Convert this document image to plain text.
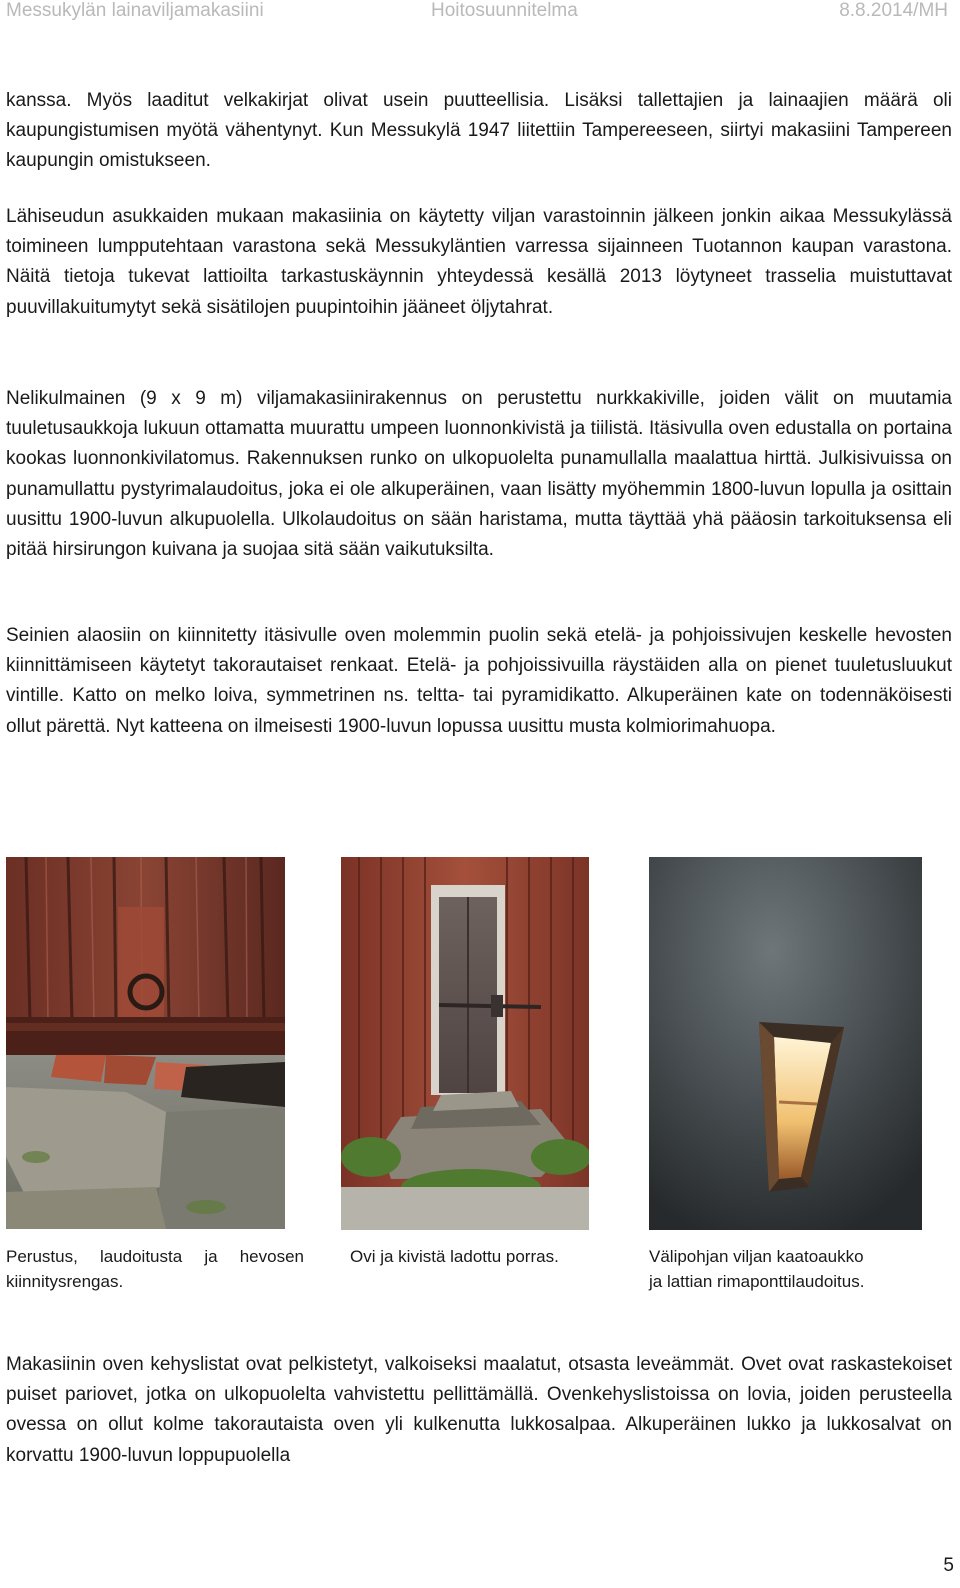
Messukylän lainaviljamakasiini	Hoitosuunnitelma	8.8.2014/MH

kanssa. Myös laaditut velkakirjat olivat usein puutteellisia. Lisäksi tallettajien ja lainaajien määrä oli kaupungistumisen myötä vähentynyt. Kun Messukylä 1947 liitettiin Tampereeseen, siirtyi makasiini Tampereen kaupungin omistukseen.

Lähiseudun asukkaiden mukaan makasiinia on käytetty viljan varastoinnin jälkeen jonkin aikaa Messukylässä toimineen lumpputehtaan varastona sekä Messukyläntien varressa sijainneen Tuotannon kaupan varastona. Näitä tietoja tukevat lattioilta tarkastuskäynnin yhteydessä kesällä 2013 löytyneet trasselia muistuttavat puuvillakuitumytyt sekä sisätilojen puupintoihin jääneet öljytahrat.

Nelikulmainen (9 x 9 m) viljamakasiinirakennus on perustettu nurkkakiville, joiden välit on muutamia tuuletusaukkoja lukuun ottamatta muurattu umpeen luonnonkivistä ja tiilistä. Itäsivulla oven edustalla on portaina kookas luonnonkivilatomus. Rakennuksen runko on ulkopuolelta punamullalla maalattua hirttä. Julkisivuissa on punamullattu pystyrimalaudoitus, joka ei ole alkuperäinen, vaan lisätty myöhemmin 1800-luvun lopulla ja osittain uusittu 1900-luvun alkupuolella. Ulkolaudoitus on sään haristama, mutta täyttää yhä pääosin tarkoituksensa eli pitää hirsirungon kuivana ja suojaa sitä sään vaikutuksilta.

Seinien alaosiin on kiinnitetty itäsivulle oven molemmin puolin sekä etelä- ja pohjoissivujen keskelle hevosten kiinnittämiseen käytetyt takorautaiset renkaat. Etelä- ja pohjoissivuilla räystäiden alla on pienet tuuletusluukut vintille. Katto on melko loiva, symmetrinen ns. teltta- tai pyramidikatto. Alkuperäinen kate on todennäköisesti ollut pärettä. Nyt katteena on ilmeisesti 1900-luvun lopussa uusittu musta kolmiorimahuopa.

Perustus, laudoitusta ja hevosen kiinnitysrengas.

Ovi ja kivistä ladottu porras.	Välipohjan viljan kaatoaukko
ja lattian rimaponttilaudoitus.

Makasiinin oven kehyslistat ovat pelkistetyt, valkoiseksi maalatut, otsasta leveämmät. Ovet ovat raskastekoiset puiset pariovet, jotka on ulkopuolelta vahvistettu pellittämällä. Ovenkehyslistoissa on lovia, joiden perusteella ovessa on ollut kolme takorautaista oven yli kulkenutta lukkosalpaa. Alkuperäinen lukko ja lukkosalvat on korvattu 1900-luvun loppupuolella

5
